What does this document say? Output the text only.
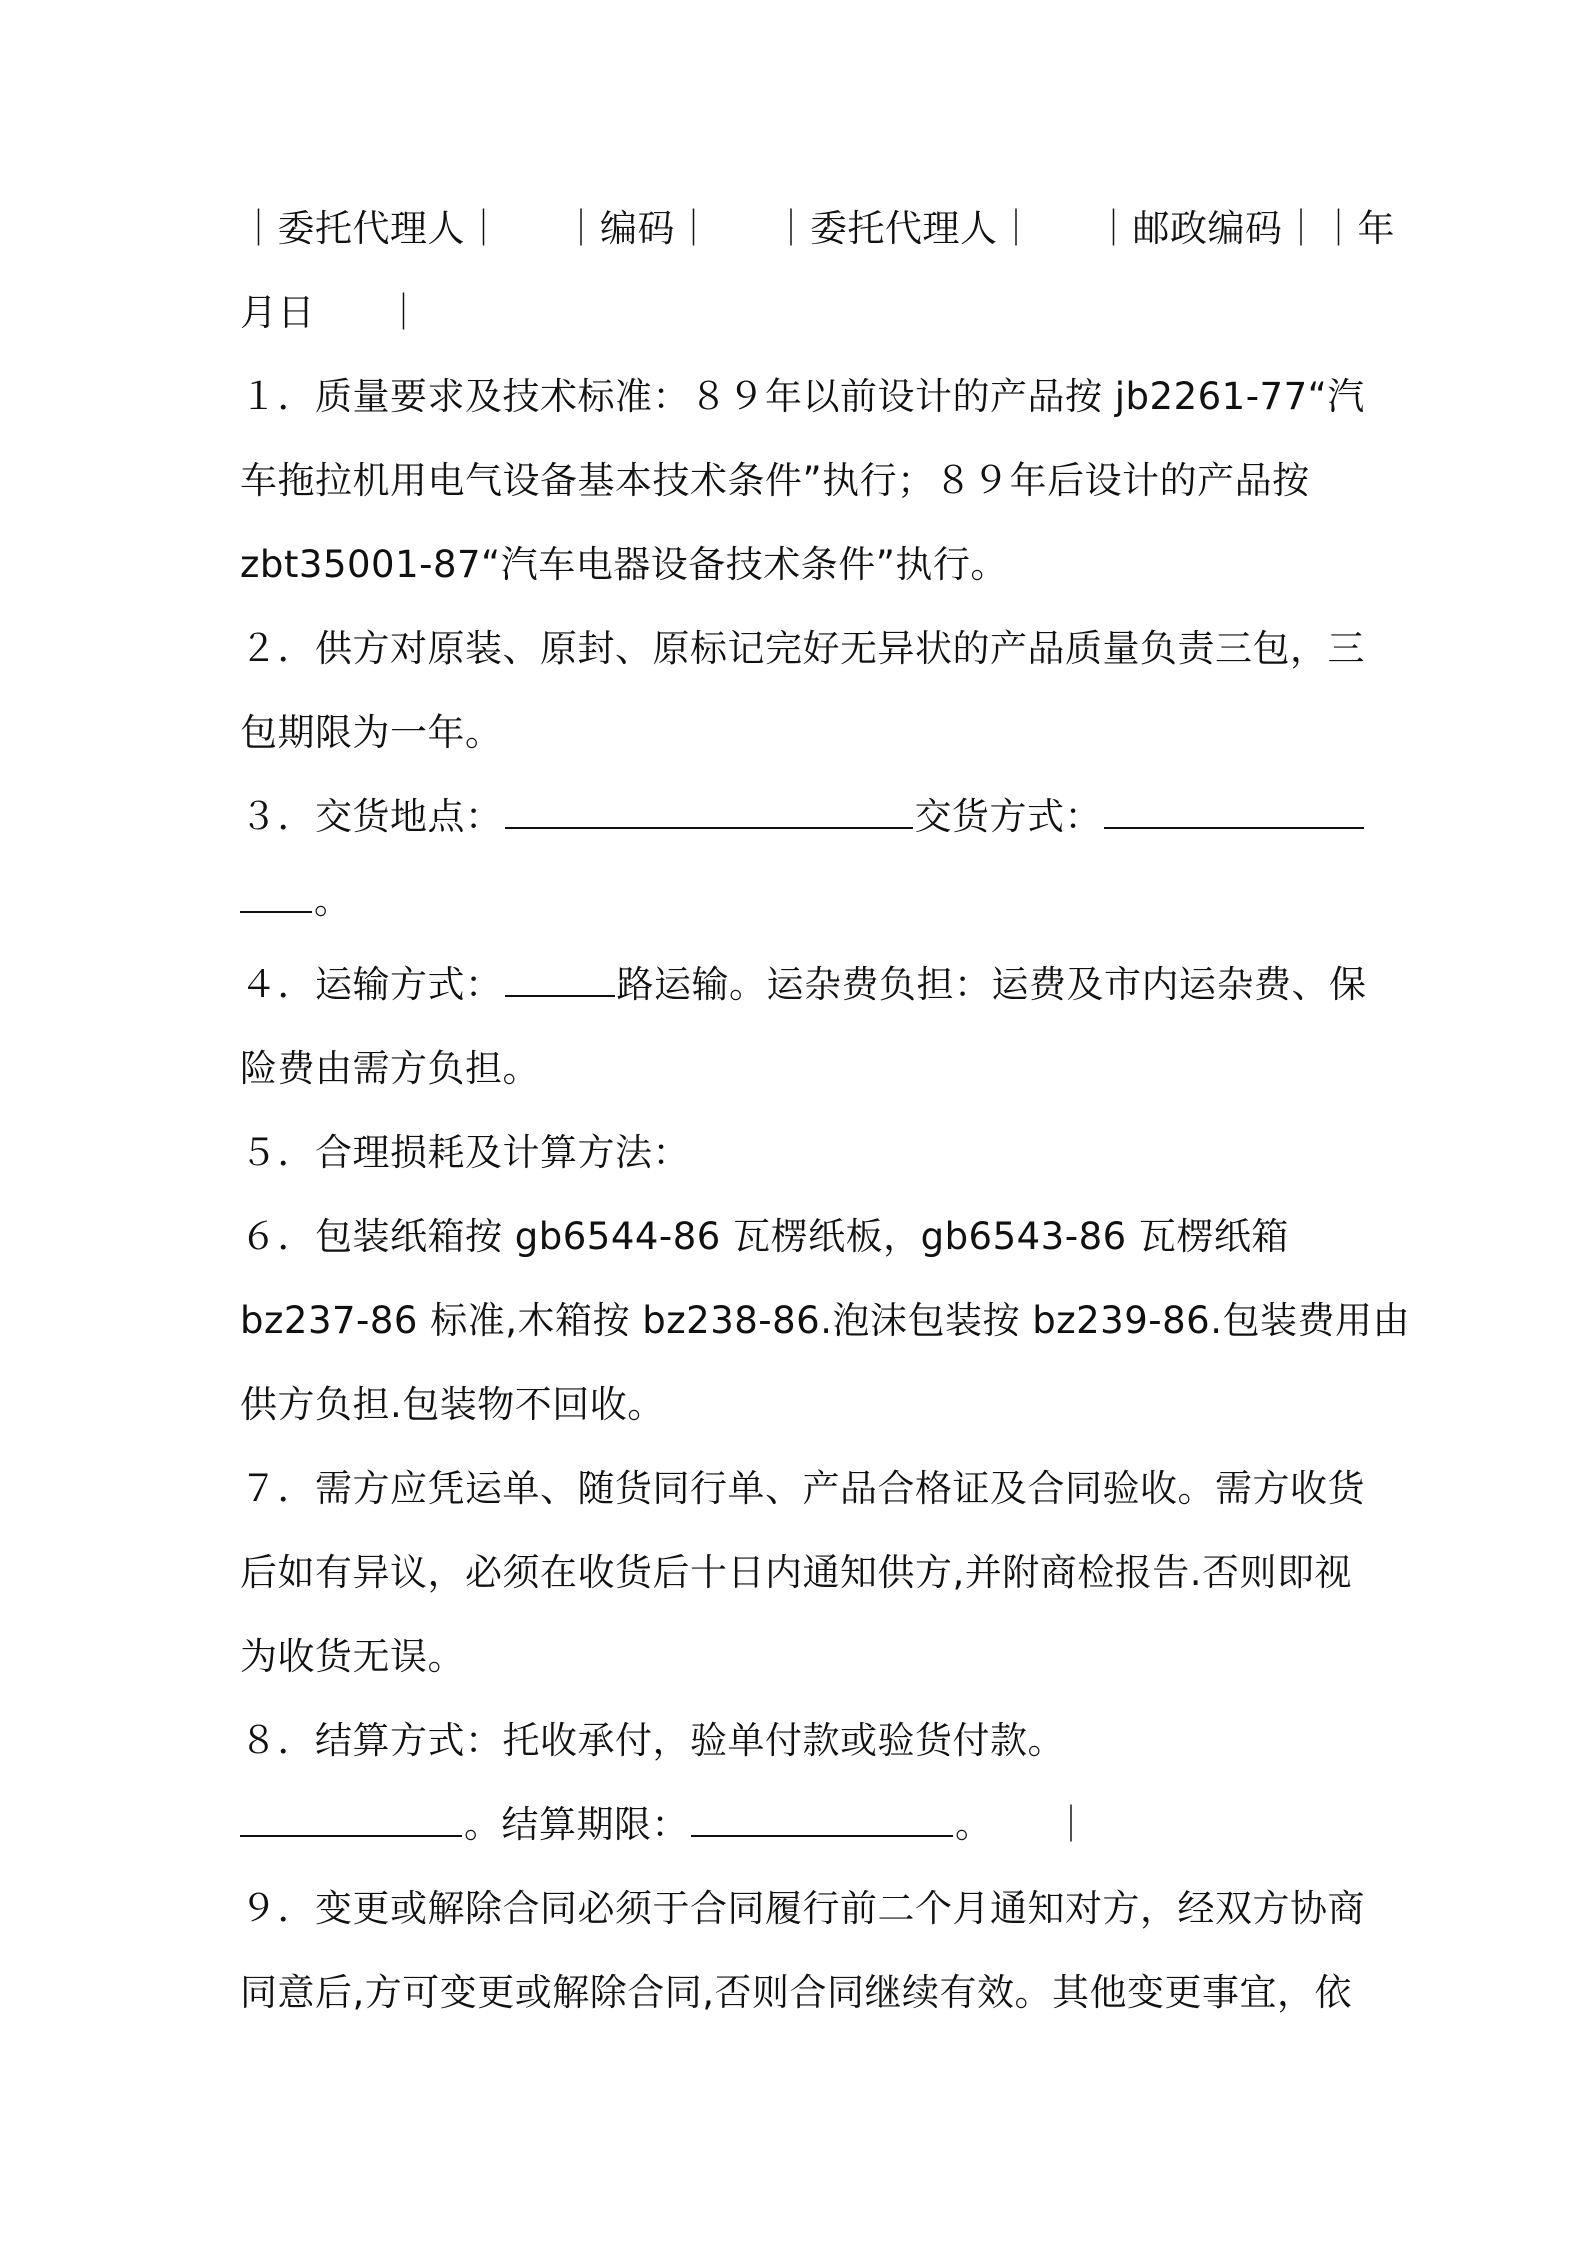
｜委托代理人｜ ｜编码｜ ｜委托代理人｜ ｜邮政编码｜｜年
月日 ｜
１．质量要求及技术标准：８９年以前设计的产品按 jb2261-77“汽
车拖拉机用电气设备基本技术条件”执行；８９年后设计的产品按
zbt35001-87“汽车电器设备技术条件”执行。
２．供方对原装、原封、原标记完好无异状的产品质量负责三包，三
包期限为一年。
３．交货地点：	交货方式：
。
４．运输方式：	路运输。运杂费负担：运费及市内运杂费、保
险费由需方负担。
５．合理损耗及计算方法：
６．包装纸箱按 gb6544-86 瓦楞纸板，gb6543-86 瓦楞纸箱
bz237-86 标准,木箱按 bz238-86.泡沫包装按 bz239-86.包装费用由
供方负担.包装物不回收。
７．需方应凭运单、随货同行单、产品合格证及合同验收。需方收货
后如有异议，必须在收货后十日内通知供方,并附商检报告.否则即视
为收货无误。
８．结算方式：托收承付，验单付款或验货付款。
。结算期限：	。 ｜
９．变更或解除合同必须于合同履行前二个月通知对方，经双方协商
同意后,方可变更或解除合同,否则合同继续有效。其他变更事宜，依
